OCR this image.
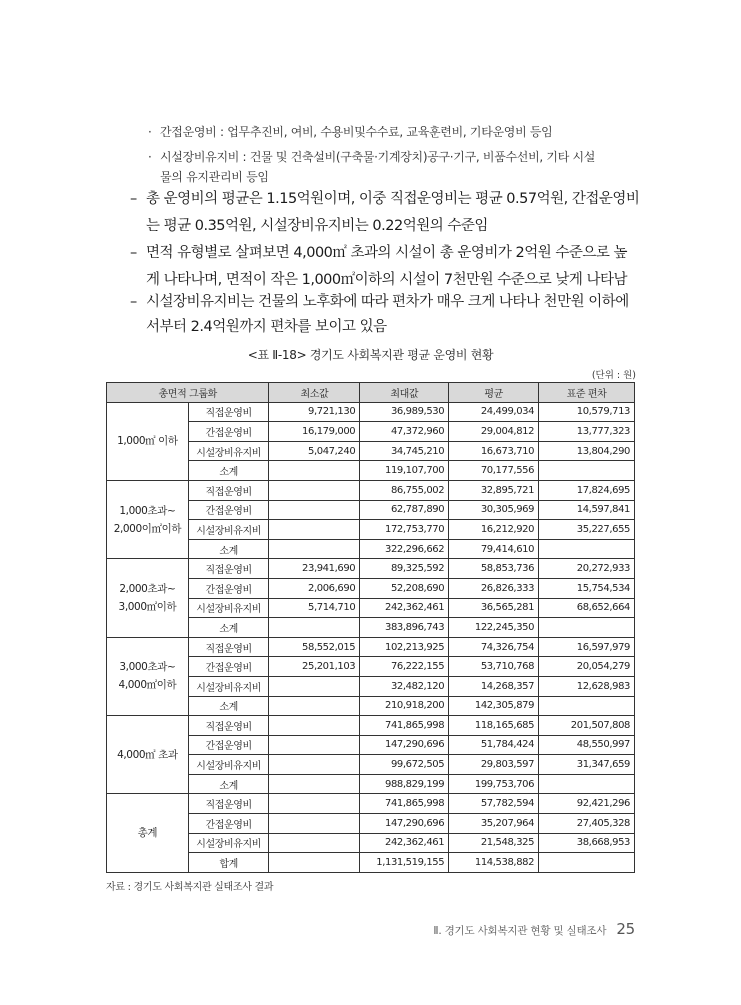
· 간접운영비 : 업무추진비, 여비, 수용비및수수료, 교육훈련비, 기타운영비 등임
· 시설장비유지비 : 건물 및 건축설비(구축물·기계장치)공구·기구, 비품수선비, 기타 시설
물의 유지관리비 등임
– 총 운영비의 평균은 1.15억원이며, 이중 직접운영비는 평균 0.57억원, 간접운영비
는 평균 0.35억원, 시설장비유지비는 0.22억원의 수준임
– 면적 유형별로 살펴보면 4,000㎡ 초과의 시설이 총 운영비가 2억원 수준으로 높
게 나타나며, 면적이 작은 1,000㎡이하의 시설이 7천만원 수준으로 낮게 나타남
– 시설장비유지비는 건물의 노후화에 따라 편차가 매우 크게 나타나 천만원 이하에
서부터 2.4억원까지 편차를 보이고 있음
<표 Ⅱ-18> 경기도 사회복지관 평균 운영비 현황
(단위 : 원)
총면적 그룹화		최소값	최대값	평균	표준 편차
1,000㎡ 이하	직접운영비	9,721,130	36,989,530	24,499,034	10,579,713
	간접운영비	16,179,000	47,372,960	29,004,812	13,777,323
	시설장비유지비	5,047,240	34,745,210	16,673,710	13,804,290
	소계		119,107,700	70,177,556	
1,000초과~
2,000이㎡이하	직접운영비		86,755,002	32,895,721	17,824,695
	간접운영비		62,787,890	30,305,969	14,597,841
	시설장비유지비		172,753,770	16,212,920	35,227,655
	소계		322,296,662	79,414,610	
2,000초과~
3,000㎡이하	직접운영비	23,941,690	89,325,592	58,853,736	20,272,933
	간접운영비	2,006,690	52,208,690	26,826,333	15,754,534
	시설장비유지비	5,714,710	242,362,461	36,565,281	68,652,664
	소계		383,896,743	122,245,350	
3,000초과~
4,000㎡이하	직접운영비	58,552,015	102,213,925	74,326,754	16,597,979
	간접운영비	25,201,103	76,222,155	53,710,768	20,054,279
	시설장비유지비		32,482,120	14,268,357	12,628,983
	소계		210,918,200	142,305,879	
4,000㎡ 초과	직접운영비		741,865,998	118,165,685	201,507,808
	간접운영비		147,290,696	51,784,424	48,550,997
	시설장비유지비		99,672,505	29,803,597	31,347,659
	소계		988,829,199	199,753,706	
총계	직접운영비		741,865,998	57,782,594	92,421,296
	간접운영비		147,290,696	35,207,964	27,405,328
	시설장비유지비		242,362,461	21,548,325	38,668,953
	합계		1,131,519,155	114,538,882	
자료 : 경기도 사회복지관 실태조사 결과
Ⅱ. 경기도 사회복지관 현황 및 실태조사 25
